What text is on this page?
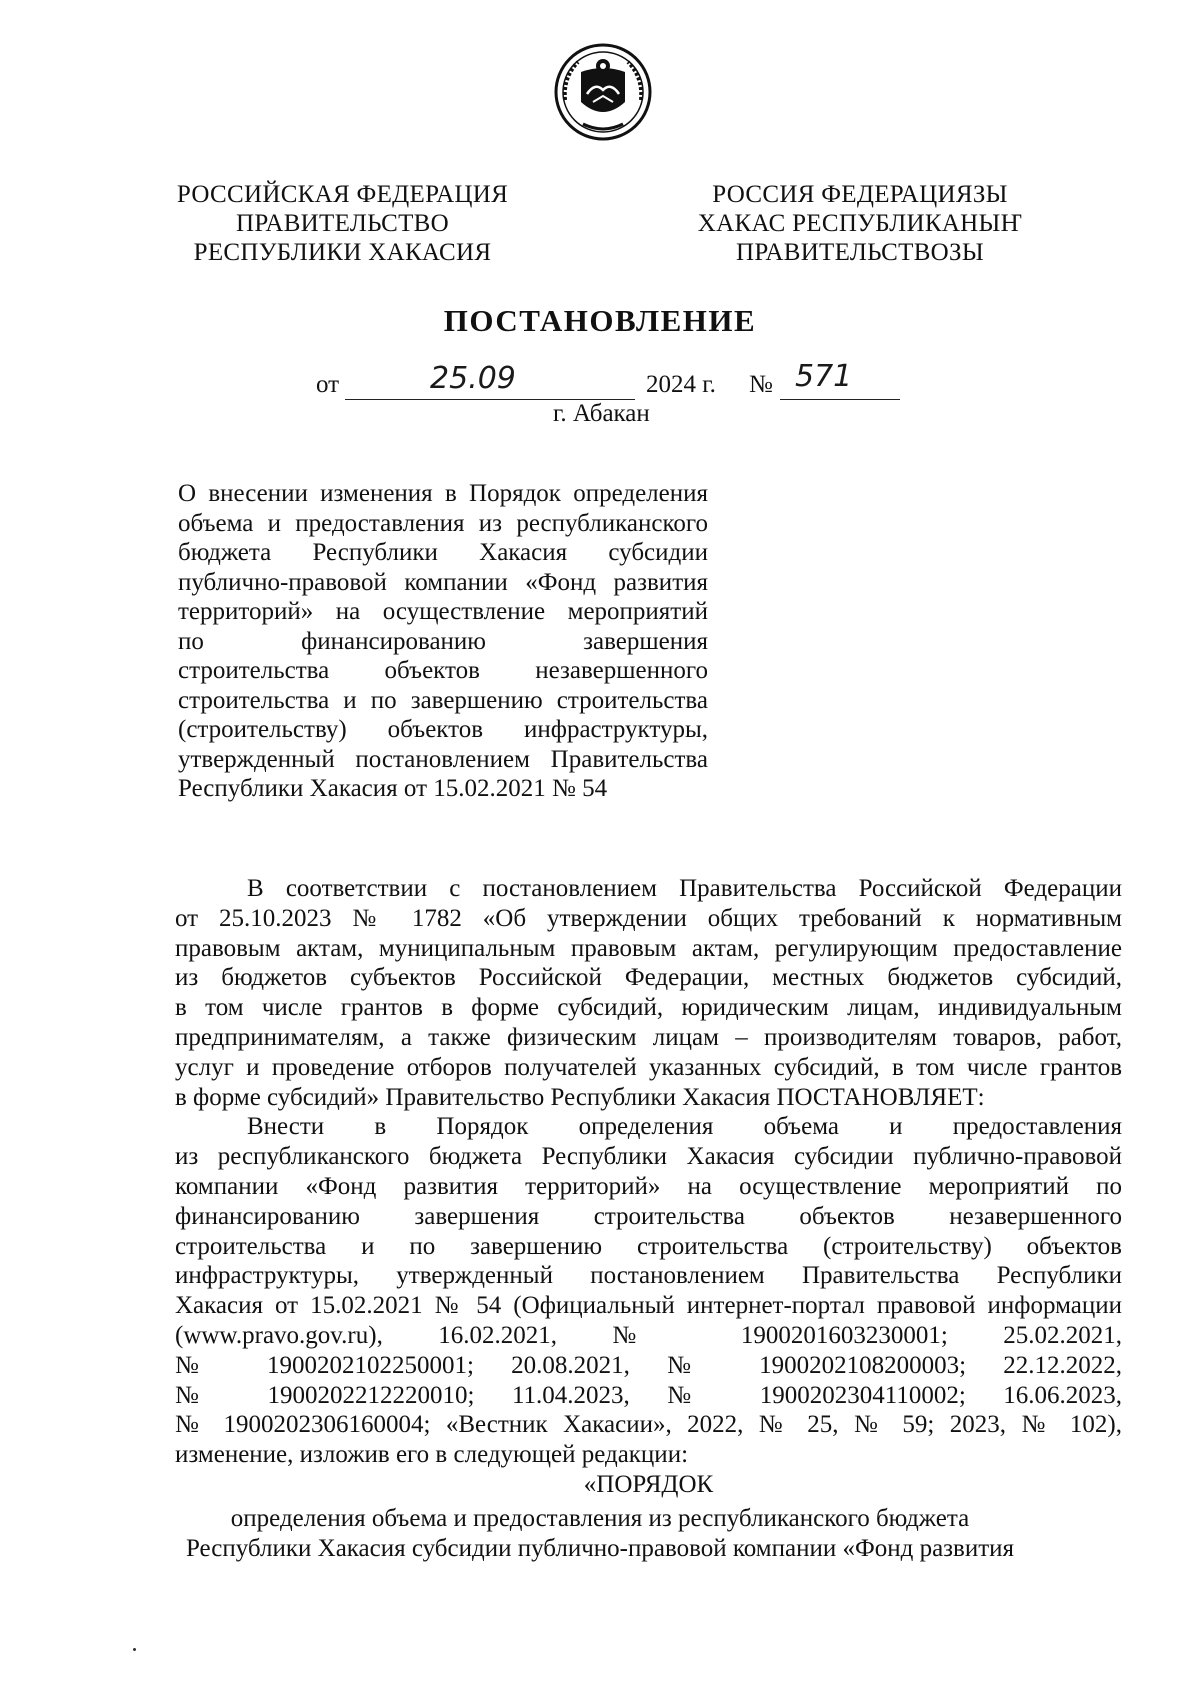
РОССИЙСКАЯ ФЕДЕРАЦИЯ
ПРАВИТЕЛЬСТВО
РЕСПУБЛИКИ ХАКАСИЯ
РОССИЯ ФЕДЕРАЦИЯЗЫ
ХАКАС РЕСПУБЛИКАНЫҤ
ПРАВИТЕЛЬСТВОЗЫ
ПОСТАНОВЛЕНИЕ
от	25.09	2024 г. № 571
г. Абакан
О внесении изменения в Порядок определения
объема и предоставления из республиканского
бюджета Республики Хакасия субсидии
публично-правовой компании «Фонд развития
территорий» на осуществление мероприятий
по финансированию завершения
строительства объектов незавершенного
строительства и по завершению строительства
(строительству) объектов инфраструктуры,
утвержденный постановлением Правительства
Республики Хакасия от 15.02.2021 № 54
В соответствии с постановлением Правительства Российской Федерации
от 25.10.2023 № 1782 «Об утверждении общих требований к нормативным
правовым актам, муниципальным правовым актам, регулирующим предоставление
из бюджетов субъектов Российской Федерации, местных бюджетов субсидий,
в том числе грантов в форме субсидий, юридическим лицам, индивидуальным
предпринимателям, а также физическим лицам – производителям товаров, работ,
услуг и проведение отборов получателей указанных субсидий, в том числе грантов
в форме субсидий» Правительство Республики Хакасия ПОСТАНОВЛЯЕТ:
Внести в Порядок определения объема и предоставления
из республиканского бюджета Республики Хакасия субсидии публично-правовой
компании «Фонд развития территорий» на осуществление мероприятий по
финансированию завершения строительства объектов незавершенного
строительства и по завершению строительства (строительству) объектов
инфраструктуры, утвержденный постановлением Правительства Республики
Хакасия от 15.02.2021 № 54 (Официальный интернет-портал правовой информации
(www.pravo.gov.ru), 16.02.2021, № 1900201603230001; 25.02.2021,
№ 1900202102250001; 20.08.2021, № 1900202108200003; 22.12.2022,
№ 1900202212220010; 11.04.2023, № 1900202304110002; 16.06.2023,
№ 1900202306160004; «Вестник Хакасии», 2022, № 25, № 59; 2023, № 102),
изменение, изложив его в следующей редакции:
«ПОРЯДОК
определения объема и предоставления из республиканского бюджета
Республики Хакасия субсидии публично-правовой компании «Фонд развития
